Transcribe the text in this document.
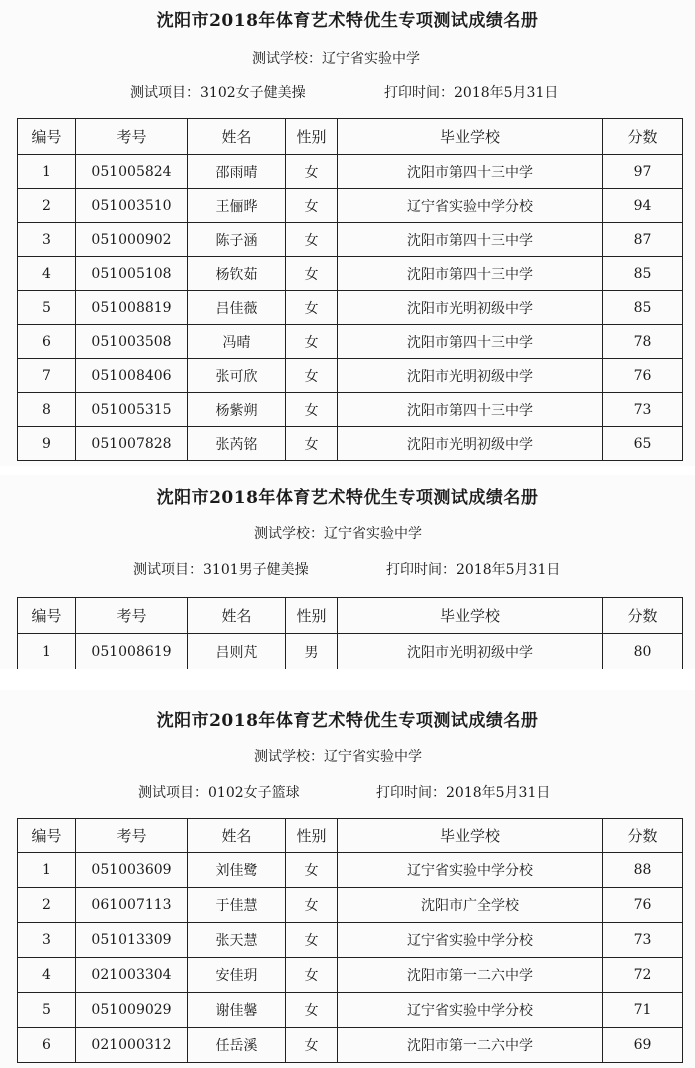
沈阳市2018年体育艺术特优生专项测试成绩名册
测试学校：辽宁省实验中学
测试项目：3102女子健美操	打印时间：2018年5月31日
编号	考号	姓名	性别	毕业学校	分数
1	051005824	邵雨晴	女	沈阳市第四十三中学	97
2	051003510	王俪晔	女	辽宁省实验中学分校	94
3	051000902	陈子涵	女	沈阳市第四十三中学	87
4	051005108	杨钦茹	女	沈阳市第四十三中学	85
5	051008819	吕佳薇	女	沈阳市光明初级中学	85
6	051003508	冯晴	女	沈阳市第四十三中学	78
7	051008406	张可欣	女	沈阳市光明初级中学	76
8	051005315	杨紫朔	女	沈阳市第四十三中学	73
9	051007828	张芮铭	女	沈阳市光明初级中学	65
沈阳市2018年体育艺术特优生专项测试成绩名册
测试学校：辽宁省实验中学
测试项目：3101男子健美操	打印时间：2018年5月31日
编号	考号	姓名	性别	毕业学校	分数
1	051008619	吕则芃	男	沈阳市光明初级中学	80
沈阳市2018年体育艺术特优生专项测试成绩名册
测试学校：辽宁省实验中学
测试项目：0102女子篮球	打印时间：2018年5月31日
编号	考号	姓名	性别	毕业学校	分数
1	051003609	刘佳鹭	女	辽宁省实验中学分校	88
2	061007113	于佳慧	女	沈阳市广全学校	76
3	051013309	张天慧	女	辽宁省实验中学分校	73
4	021003304	安佳玥	女	沈阳市第一二六中学	72
5	051009029	谢佳馨	女	辽宁省实验中学分校	71
6	021000312	任岳溪	女	沈阳市第一二六中学	69
